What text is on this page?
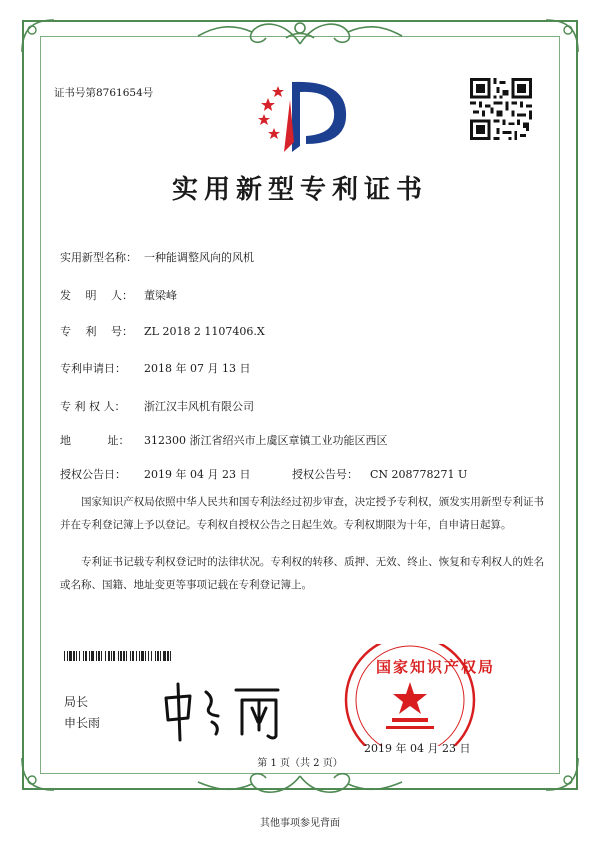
证书号第8761654号
实用新型专利证书
实用新型名称： 一种能调整风向的风机
发　 明　 人： 董梁峰
专　 利　 号： ZL 2018 2 1107406.X
专利申请日： 2018 年 07 月 13 日
专 利 权 人： 浙江汉丰风机有限公司
地　　　 址： 312300 浙江省绍兴市上虞区章镇工业功能区西区
授权公告日： 2019 年 04 月 23 日	授权公告号： CN 208778271 U
国家知识产权局依照中华人民共和国专利法经过初步审查，决定授予专利权，颁发实用新型专利证书并在专利登记簿上予以登记。专利权自授权公告之日起生效。专利权期限为十年，自申请日起算。
专利证书记载专利权登记时的法律状况。专利权的转移、质押、无效、终止、恢复和专利权人的姓名或名称、国籍、地址变更等事项记载在专利登记簿上。
局长
申长雨
国家知识产权局
2019 年 04 月 23 日
第 1 页（共 2 页）
其他事项参见背面
